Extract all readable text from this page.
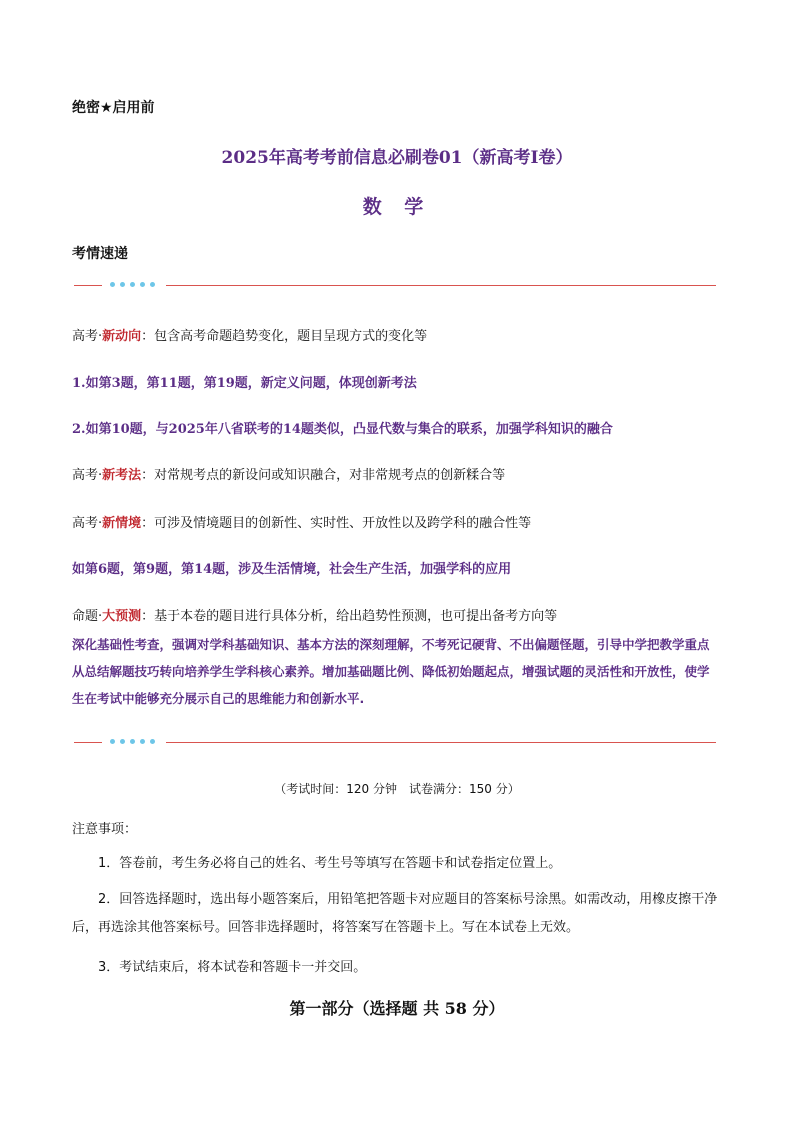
绝密★启用前
2025年高考考前信息必刷卷01（新高考Ⅰ卷）
数 学
考情速递
高考·新动向：包含高考命题趋势变化，题目呈现方式的变化等
1.如第3题，第11题，第19题，新定义问题，体现创新考法
2.如第10题，与2025年八省联考的14题类似，凸显代数与集合的联系，加强学科知识的融合
高考·新考法：对常规考点的新设问或知识融合，对非常规考点的创新糅合等
高考·新情境：可涉及情境题目的创新性、实时性、开放性以及跨学科的融合性等
如第6题，第9题，第14题，涉及生活情境，社会生产生活，加强学科的应用
命题·大预测：基于本卷的题目进行具体分析，给出趋势性预测，也可提出备考方向等
深化基础性考查，强调对学科基础知识、基本方法的深刻理解，不考死记硬背、不出偏题怪题，引导中学把教学重点从总结解题技巧转向培养学生学科核心素养。增加基础题比例、降低初始题起点，增强试题的灵活性和开放性，使学生在考试中能够充分展示自己的思维能力和创新水平.
（考试时间：120 分钟　试卷满分：150 分）
注意事项：
1．答卷前，考生务必将自己的姓名、考生号等填写在答题卡和试卷指定位置上。
2．回答选择题时，选出每小题答案后，用铅笔把答题卡对应题目的答案标号涂黑。如需改动，用橡皮擦干净后，再选涂其他答案标号。回答非选择题时，将答案写在答题卡上。写在本试卷上无效。
3．考试结束后，将本试卷和答题卡一并交回。
第一部分（选择题 共 58 分）
